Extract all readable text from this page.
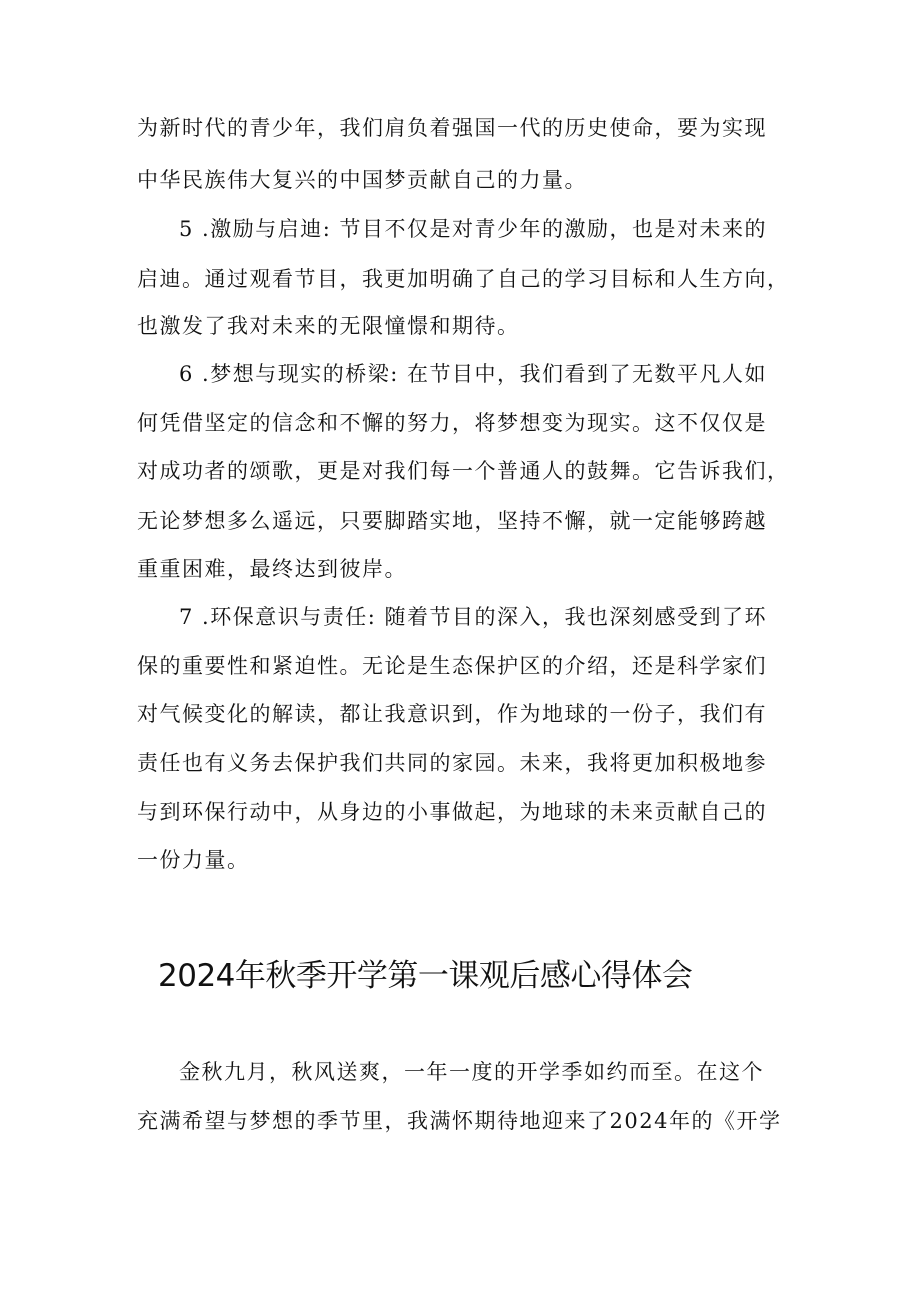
为新时代的青少年，我们肩负着强国一代的历史使命，要为实现
中华民族伟大复兴的中国梦贡献自己的力量。
5 .激励与启迪: 节目不仅是对青少年的激励，也是对未来的
启迪。通过观看节目，我更加明确了自己的学习目标和人生方向，
也激发了我对未来的无限憧憬和期待。
6 .梦想与现实的桥梁: 在节目中，我们看到了无数平凡人如
何凭借坚定的信念和不懈的努力，将梦想变为现实。这不仅仅是
对成功者的颂歌，更是对我们每一个普通人的鼓舞。它告诉我们，
无论梦想多么遥远，只要脚踏实地，坚持不懈，就一定能够跨越
重重困难，最终达到彼岸。
7 .环保意识与责任: 随着节目的深入，我也深刻感受到了环
保的重要性和紧迫性。无论是生态保护区的介绍，还是科学家们
对气候变化的解读，都让我意识到，作为地球的一份子，我们有
责任也有义务去保护我们共同的家园。未来，我将更加积极地参
与到环保行动中，从身边的小事做起，为地球的未来贡献自己的
一份力量。
2024年秋季开学第一课观后感心得体会
金秋九月，秋风送爽，一年一度的开学季如约而至。在这个
充满希望与梦想的季节里，我满怀期待地迎来了2024年的《开学
